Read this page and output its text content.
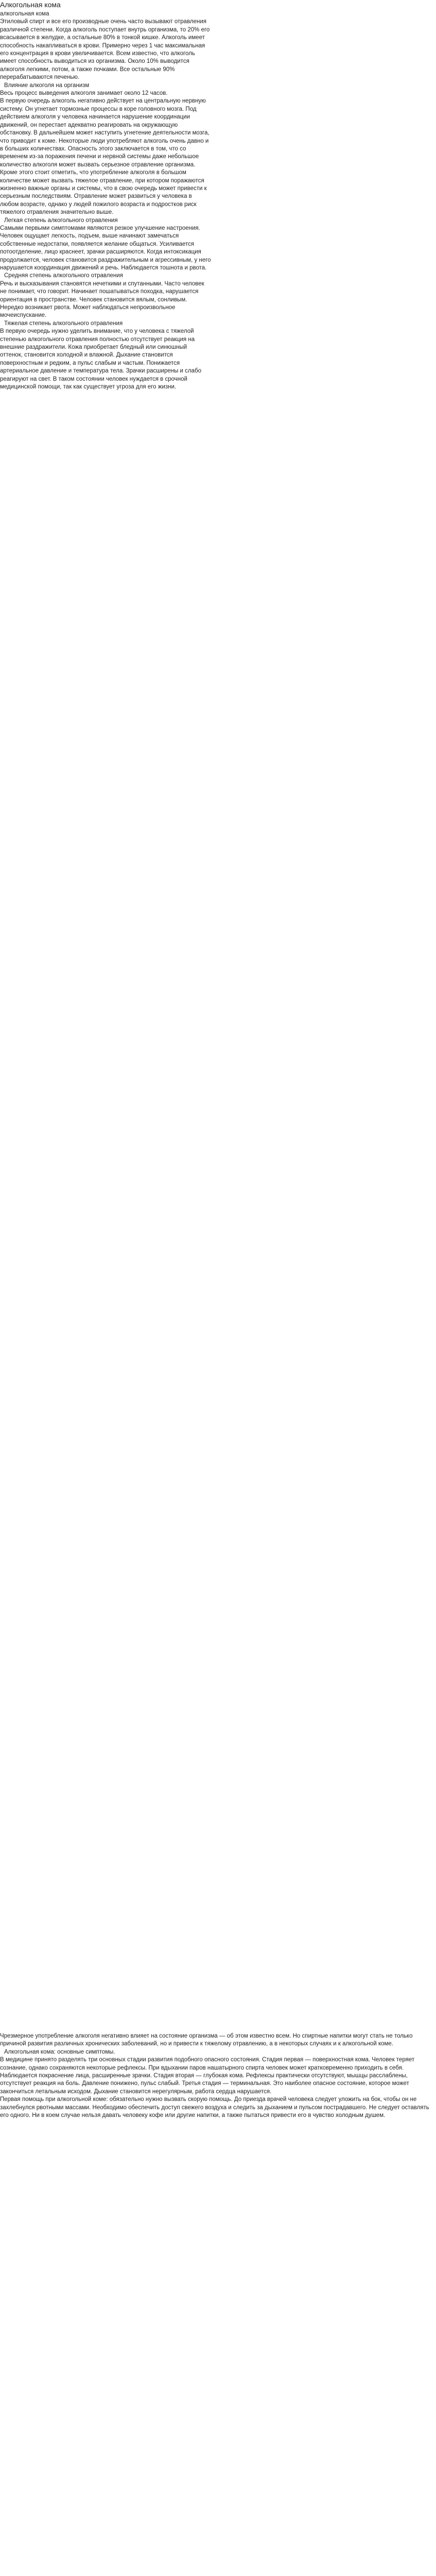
Алкогольная кома
алкогольная кома

Этиловый спирт и все его производные очень часто вызывают отравления различной степени. Когда алкоголь поступает внутрь организма, то 20% его всасывается в желудке, а остальные 80% в тонкой кишке. Алкоголь имеет способность накапливаться в крови. Примерно через 1 час максимальная его концентрация в крови увеличивается. Всем известно, что алкоголь имеет способность выводиться из организма. Около 10% выводится алкоголя легкими, потом, а также почками. Все остальные 90% перерабатываются печенью.

Влияние алкоголя на организм

Весь процесс выведения алкоголя занимает около 12 часов.

В первую очередь алкоголь негативно действует на центральную нервную систему. Он угнетает тормозные процессы в коре головного мозга. Под действием алкоголя у человека начинается нарушение координации движений, он перестает адекватно реагировать на окружающую обстановку. В дальнейшем может наступить угнетение деятельности мозга, что приводит к коме. Некоторые люди употребляют алкоголь очень давно и в больших количествах. Опасность этого заключается в том, что со временем из-за поражения печени и нервной системы даже небольшое количество алкоголя может вызвать серьезное отравление организма.

Кроме этого стоит отметить, что употребление алкоголя в большом количестве может вызвать тяжелое отравление, при котором поражаются жизненно важные органы и системы, что в свою очередь может привести к серьезным последствиям. Отравление может развиться у человека в любом возрасте, однако у людей пожилого возраста и подростков риск тяжелого отравления значительно выше.

Легкая степень алкогольного отравления

Самыми первыми симптомами являются резкое улучшение настроения. Человек ощущает легкость, подъем, выше начинают замечаться собственные недостатки, появляется желание общаться. Усиливается потоотделение, лицо краснеет, зрачки расширяются. Когда интоксикация продолжается, человек становится раздражительным и агрессивным, у него нарушается координация движений и речь. Наблюдается тошнота и рвота.

Средняя степень алкогольного отравления

Речь и высказывания становятся нечеткими и спутанными. Часто человек не понимает, что говорит. Начинает пошатываться походка, нарушается ориентация в пространстве. Человек становится вялым, сонливым. Нередко возникает рвота. Может наблюдаться непроизвольное мочеиспускание.

Тяжелая степень алкогольного отравления

В первую очередь нужно уделить внимание, что у человека с тяжелой степенью алкогольного отравления полностью отсутствует реакция на внешние раздражители. Кожа приобретает бледный или синюшный оттенок, становится холодной и влажной. Дыхание становится поверхностным и редким, а пульс слабым и частым. Понижается артериальное давление и температура тела. Зрачки расширены и слабо реагируют на свет. В таком состоянии человек нуждается в срочной медицинской помощи, так как существует угроза для его жизни.

Чрезмерное употребление алкоголя негативно влияет на состояние организма — об этом известно всем. Но спиртные напитки могут стать не только причиной развития различных хронических заболеваний, но и привести к тяжелому отравлению, а в некоторых случаях и к алкогольной коме.

Алкогольная кома: основные симптомы.

В медицине принято разделять три основных стадии развития подобного опасного состояния. Стадия первая — поверхностная кома. Человек теряет сознание, однако сохраняются некоторые рефлексы. При вдыхании паров нашатырного спирта человек может кратковременно приходить в себя. Наблюдается покраснение лица, расширенные зрачки. Стадия вторая — глубокая кома. Рефлексы практически отсутствуют, мышцы расслаблены, отсутствует реакция на боль. Давление понижено, пульс слабый. Третья стадия — терминальная. Это наиболее опасное состояние, которое может закончиться летальным исходом. Дыхание становится нерегулярным, работа сердца нарушается.

Первая помощь при алкогольной коме: обязательно нужно вызвать скорую помощь. До приезда врачей человека следует уложить на бок, чтобы он не захлебнулся рвотными массами. Необходимо обеспечить доступ свежего воздуха и следить за дыханием и пульсом пострадавшего. Не следует оставлять его одного. Ни в коем случае нельзя давать человеку кофе или другие напитки, а также пытаться привести его в чувство холодным душем.
